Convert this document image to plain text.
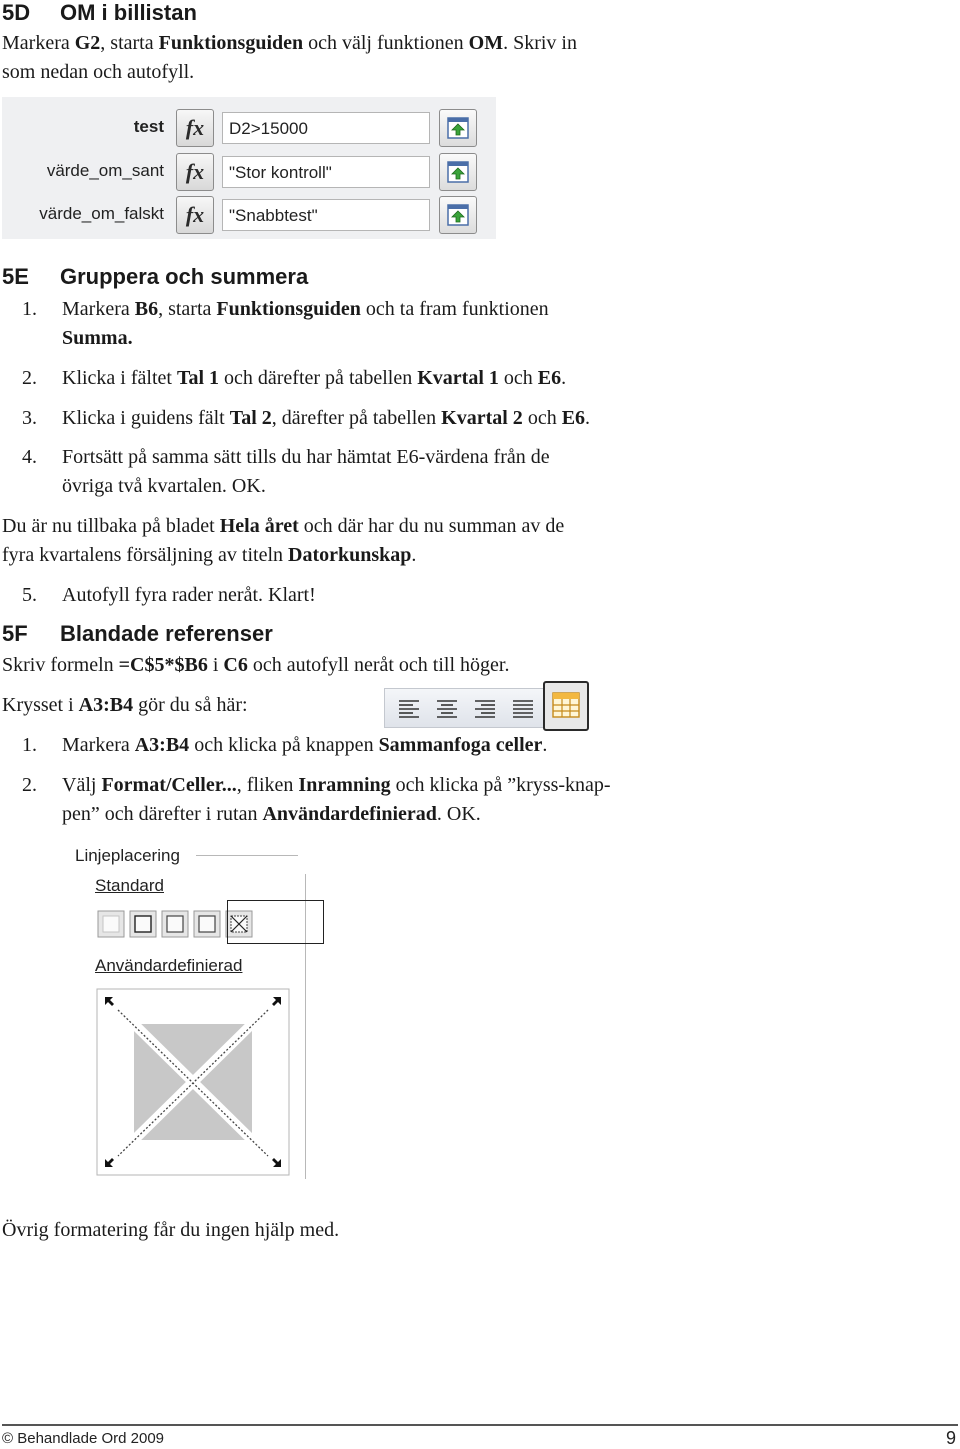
5D OM i billistan
Markera G2, starta Funktionsguiden och välj funktionen OM. Skriv in
som nedan och autofyll.
test fx	D2>15000
värde_om_sant fx	"Stor kontroll"
värde_om_falskt fx	"Snabbtest"
5E Gruppera och summera
1. Markera B6, starta Funktionsguiden och ta fram funktionen
Summa.
2. Klicka i fältet Tal 1 och därefter på tabellen Kvartal 1 och E6.
3. Klicka i guidens fält Tal 2, därefter på tabellen Kvartal 2 och E6.
4. Fortsätt på samma sätt tills du har hämtat E6-värdena från de
övriga två kvartalen. OK.
Du är nu tillbaka på bladet Hela året och där har du nu summan av de
fyra kvartalens försäljning av titeln Datorkunskap.
5. Autofyll fyra rader neråt. Klart!
5F Blandade referenser
Skriv formeln =C$5*$B6 i C6 och autofyll neråt och till höger.
Krysset i A3:B4 gör du så här:
1. Markera A3:B4 och klicka på knappen Sammanfoga celler.
2. Välj Format/Celler..., fliken Inramning och klicka på ”kryss-knap-
pen” och därefter i rutan Användardefinierad. OK.
Linjeplacering
Standard
Användardefinierad
Övrig formatering får du ingen hjälp med.
© Behandlade Ord 2009	9
